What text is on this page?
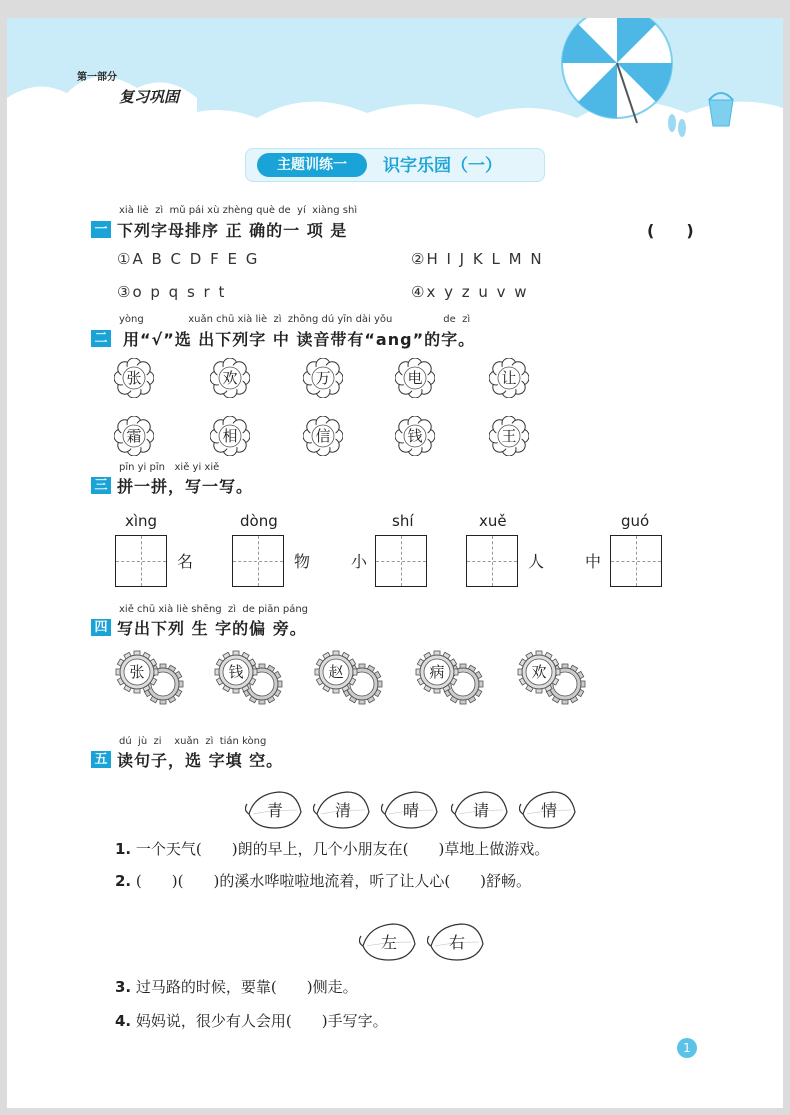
第一部分
复习巩固
主题训练一	识字乐园（一）
xià liè  zì  mǔ pái xù zhèng què de  yí  xiàng shì
一 下列字母排序 正 确的一 项 是	(　　)
①A B C D F E G	②H I J K L M N
③o p q s r t	④x y z u v w
yòng              xuǎn chū xià liè  zì  zhōng dú yīn dài yǒu                de  zì
二 用“√”选 出下列字 中 读音带有“ang”的字。
张	欢	万	电	让
霜	相	信	钱	王
pīn yi pīn   xiě yi xiě
三 拼一拼，写一写。
xìng
名
dòng
物	小
shí	xuě
人	中
guó
xiě chū xià liè shēng  zì  de piān páng
四 写出下列 生 字的偏 旁。
张	钱	赵	病	欢
dú  jù  zi    xuǎn  zì  tián kòng
五 读句子，选 字填 空。
青	清	晴	请	情
1. 一个天气(　　)朗的早上，几个小朋友在(　　)草地上做游戏。
2. (　　)(　　)的溪水哗啦啦地流着，听了让人心(　　)舒畅。
左	右
3. 过马路的时候，要靠(　　)侧走。
4. 妈妈说，很少有人会用(　　)手写字。
1
